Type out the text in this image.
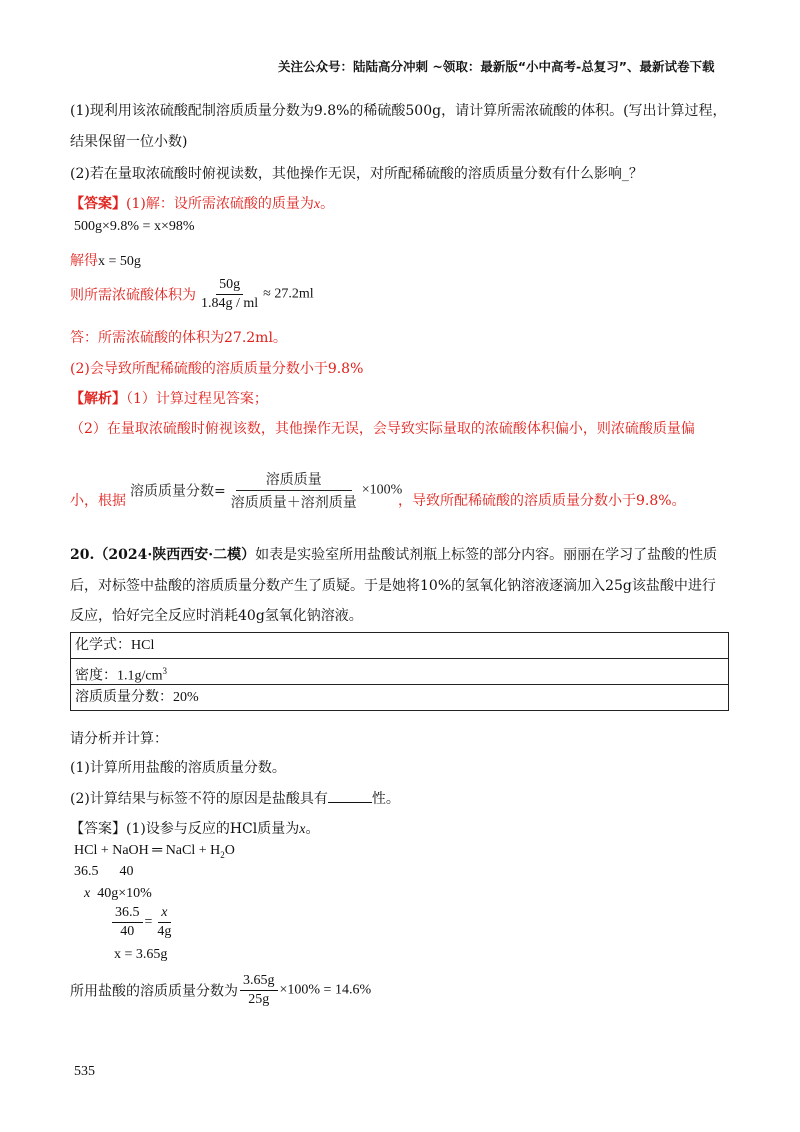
关注公众号：陆陆高分冲刺 ~领取：最新版“小中高考-总复习”、最新试卷下载
(1)现利用该浓硫酸配制溶质质量分数为9.8%的稀硫酸500g，请计算所需浓硫酸的体积。(写出计算过程，
结果保留一位小数)
(2)若在量取浓硫酸时俯视读数，其他操作无误，对所配稀硫酸的溶质质量分数有什么影响_？
【答案】(1)解：设所需浓硫酸的质量为x。
500g×9.8% = x×98%
解得x = 50g
则所需浓硫酸体积为 $\frac{50g}{1.84g / ml} \approx 27.2ml$
答：所需浓硫酸的体积为27.2ml。
(2)会导致所配稀硫酸的溶质质量分数小于9.8%
【解析】（1）计算过程见答案；
（2）在量取浓硫酸时俯视该数，其他操作无误，会导致实际量取的浓硫酸体积偏小，则浓硫酸质量偏
小，根据
溶质质量分数= $\frac{\text{溶质质量}}{\text{溶质质量＋溶剂质量}} \times 100\%$
，导致所配稀硫酸的溶质质量分数小于9.8%。
20.（2024·陕西西安·二模）如表是实验室所用盐酸试剂瓶上标签的部分内容。丽丽在学习了盐酸的性质
后，对标签中盐酸的溶质质量分数产生了质疑。于是她将10%的氢氧化钠溶液逐滴加入25g该盐酸中进行
反应，恰好完全反应时消耗40g氢氧化钠溶液。
化学式：HCl
密度：$1.1g/cm^3$
溶质质量分数：20%
请分析并计算：
(1)计算所用盐酸的溶质质量分数。
(2)计算结果与标签不符的原因是盐酸具有	性。
【答案】(1)设参与反应的HCl质量为x。
HCl + NaOH ═ NaCl + $H_2O$
36.5      40
x 40g×10%
$\frac{36.5}{40} = \frac{x}{4g}$
x = 3.65g
所用盐酸的溶质质量分数为 $\frac{3.65g}{25g} \times 100\% = 14.6\%$
535
